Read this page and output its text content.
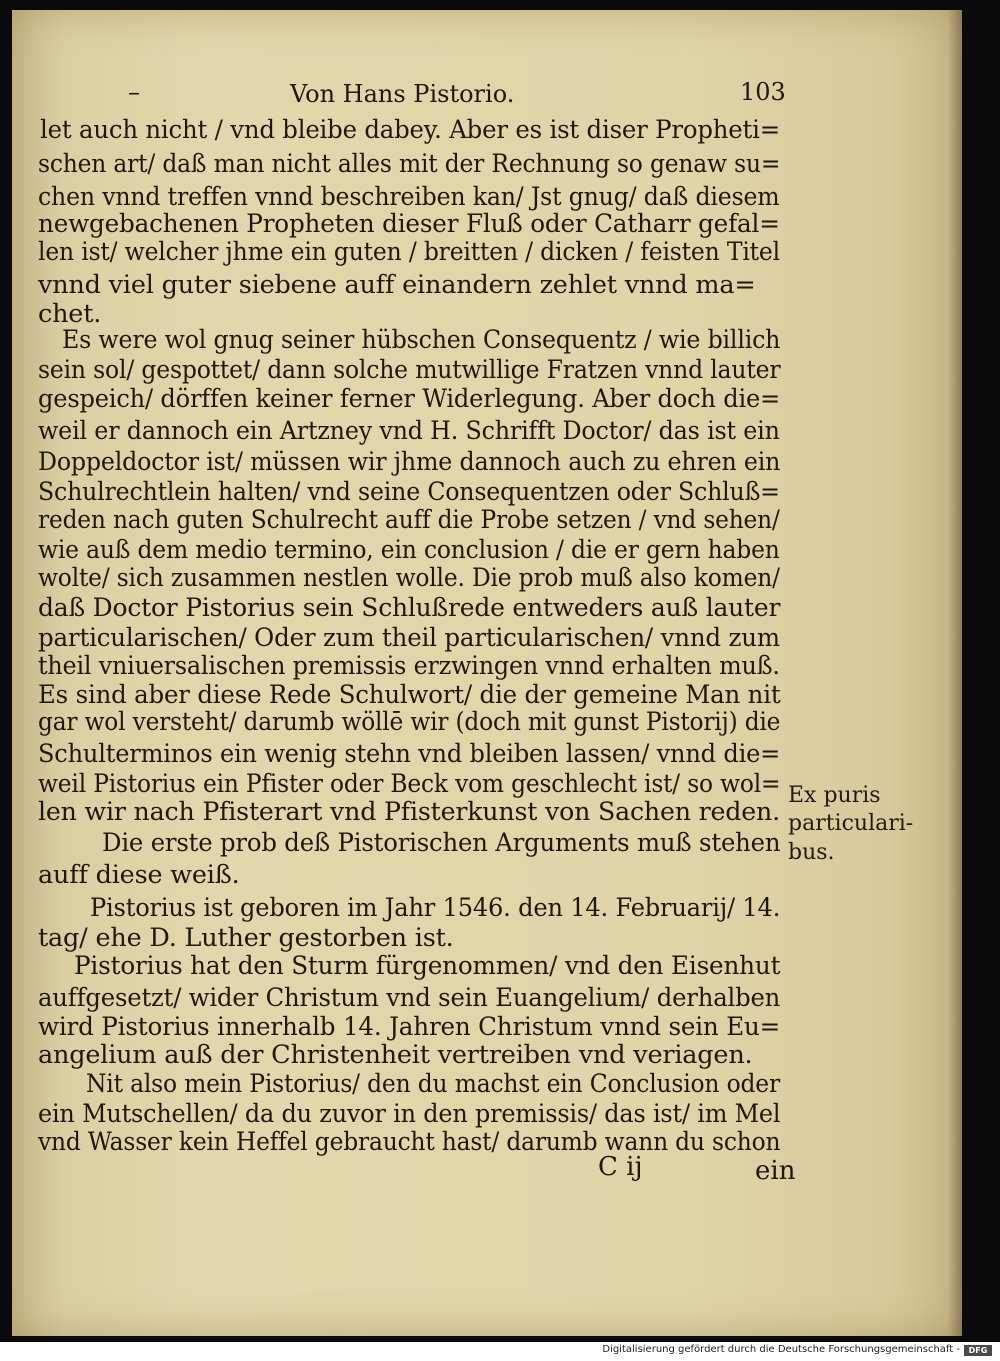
–	Von Hans Pistorio.	103
let auch nicht / vnd bleibe dabey. Aber es ist diser Propheti=
schen art/ daß man nicht alles mit der Rechnung so genaw su=
chen vnnd treffen vnnd beschreiben kan/ Jst gnug/ daß diesem
newgebachenen Propheten dieser Fluß oder Catharr gefal=
len ist/ welcher jhme ein guten / breitten / dicken / feisten Titel
vnnd viel guter siebene auff einandern zehlet vnnd ma=
chet.
Es were wol gnug seiner hübschen Consequentz / wie billich
sein sol/ gespottet/ dann solche mutwillige Fratzen vnnd lauter
gespeich/ dörffen keiner ferner Widerlegung. Aber doch die=
weil er dannoch ein Artzney vnd H. Schrifft Doctor/ das ist ein
Doppeldoctor ist/ müssen wir jhme dannoch auch zu ehren ein
Schulrechtlein halten/ vnd seine Consequentzen oder Schluß=
reden nach guten Schulrecht auff die Probe setzen / vnd sehen/
wie auß dem medio termino, ein conclusion / die er gern haben
wolte/ sich zusammen nestlen wolle. Die prob muß also komen/
daß Doctor Pistorius sein Schlußrede entweders auß lauter
particularischen/ Oder zum theil particularischen/ vnnd zum
theil vniuersalischen premissis erzwingen vnnd erhalten muß.
Es sind aber diese Rede Schulwort/ die der gemeine Man nit
gar wol versteht/ darumb wöllē wir (doch mit gunst Pistorij) die
Schulterminos ein wenig stehn vnd bleiben lassen/ vnnd die=
weil Pistorius ein Pfister oder Beck vom geschlecht ist/ so wol=
len wir nach Pfisterart vnd Pfisterkunst von Sachen reden.
Die erste prob deß Pistorischen Arguments muß stehen
auff diese weiß.
Pistorius ist geboren im Jahr 1546. den 14. Februarij/ 14.
tag/ ehe D. Luther gestorben ist.
Pistorius hat den Sturm fürgenommen/ vnd den Eisenhut
auffgesetzt/ wider Christum vnd sein Euangelium/ derhalben
wird Pistorius innerhalb 14. Jahren Christum vnnd sein Eu=
angelium auß der Christenheit vertreiben vnd veriagen.
Nit also mein Pistorius/ den du machst ein Conclusion oder
ein Mutschellen/ da du zuvor in den premissis/ das ist/ im Mel
vnd Wasser kein Heffel gebraucht hast/ darumb wann du schon
Ex puris
particulari-
bus.
C ij	ein
Digitalisierung gefördert durch die Deutsche Forschungsgemeinschaft -	DFG
